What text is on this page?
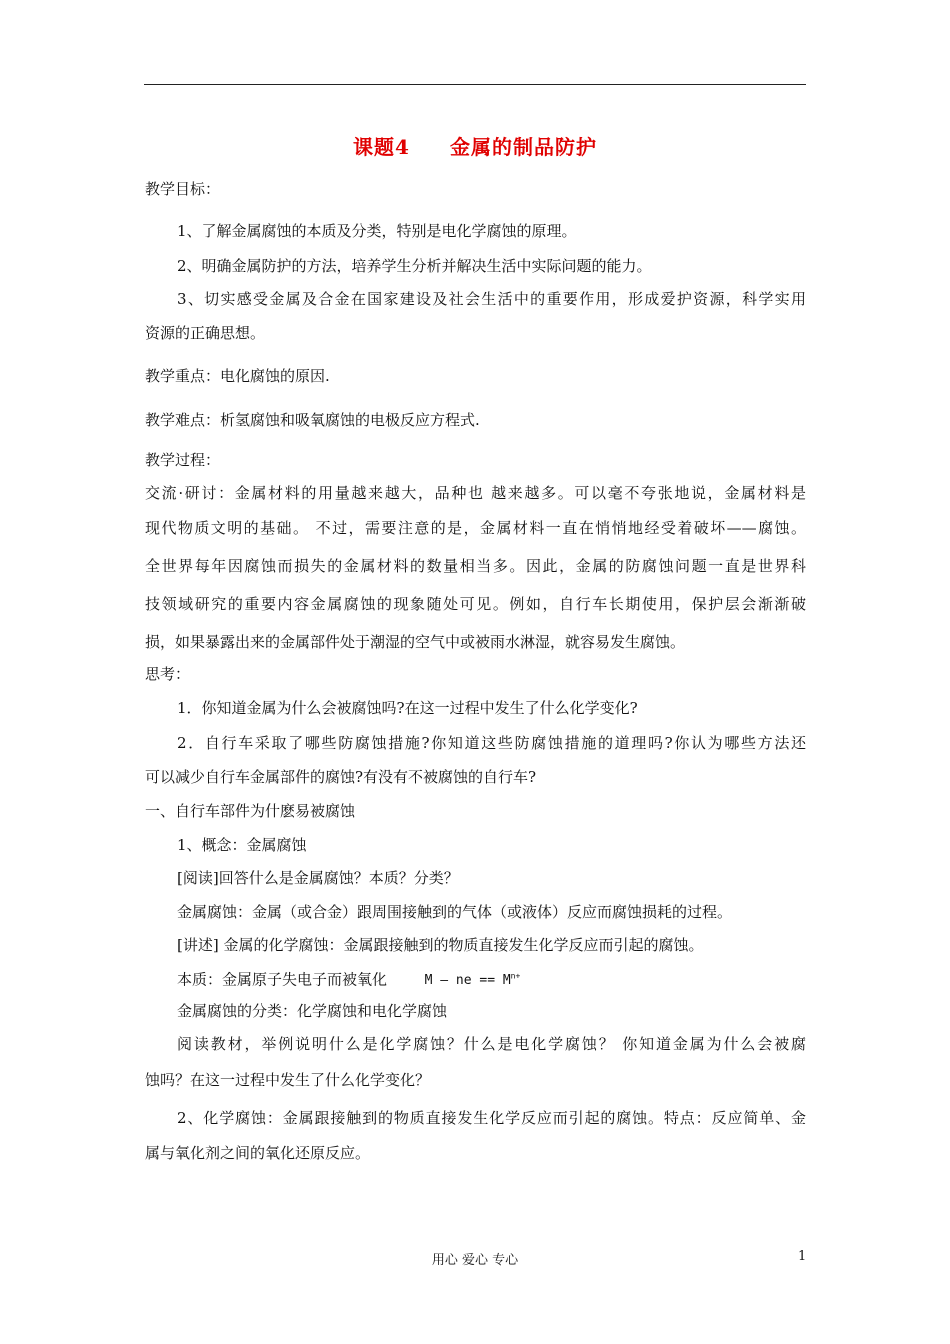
课题4 金属的制品防护
教学目标：
1、了解金属腐蚀的本质及分类，特别是电化学腐蚀的原理。
2、明确金属防护的方法，培养学生分析并解决生活中实际问题的能力。
3、切实感受金属及合金在国家建设及社会生活中的重要作用，形成爱护资源，科学实用
资源的正确思想。
教学重点：电化腐蚀的原因.
教学难点：析氢腐蚀和吸氧腐蚀的电极反应方程式.
教学过程：
交流·研讨：金属材料的用量越来越大，品种也 越来越多。可以毫不夸张地说，金属材料是
现代物质文明的基础。 不过，需要注意的是，金属材料一直在悄悄地经受着破坏——腐蚀。
全世界每年因腐蚀而损失的金属材料的数量相当多。因此，金属的防腐蚀问题一直是世界科
技领域研究的重要内容金属腐蚀的现象随处可见。例如，自行车长期使用，保护层会渐渐破
损，如果暴露出来的金属部件处于潮湿的空气中或被雨水淋湿，就容易发生腐蚀。
思考：
1．你知道金属为什么会被腐蚀吗?在这一过程中发生了什么化学变化?
2．自行车采取了哪些防腐蚀措施?你知道这些防腐蚀措施的道理吗?你认为哪些方法还
可以减少自行车金属部件的腐蚀?有没有不被腐蚀的自行车?
一、自行车部件为什麽易被腐蚀
1、概念：金属腐蚀
[阅读]回答什么是金属腐蚀？本质？分类？
金属腐蚀：金属（或合金）跟周围接触到的气体（或液体）反应而腐蚀损耗的过程。
[讲述] 金属的化学腐蚀：金属跟接触到的物质直接发生化学反应而引起的腐蚀。
本质：金属原子失电子而被氧化	M – ne == $M^{n+}$
金属腐蚀的分类：化学腐蚀和电化学腐蚀
阅读教材，举例说明什么是化学腐蚀？什么是电化学腐蚀？ 你知道金属为什么会被腐
蚀吗？在这一过程中发生了什么化学变化？
2、化学腐蚀：金属跟接触到的物质直接发生化学反应而引起的腐蚀。特点：反应简单、金
属与氧化剂之间的氧化还原反应。
用心 爱心 专心	1
